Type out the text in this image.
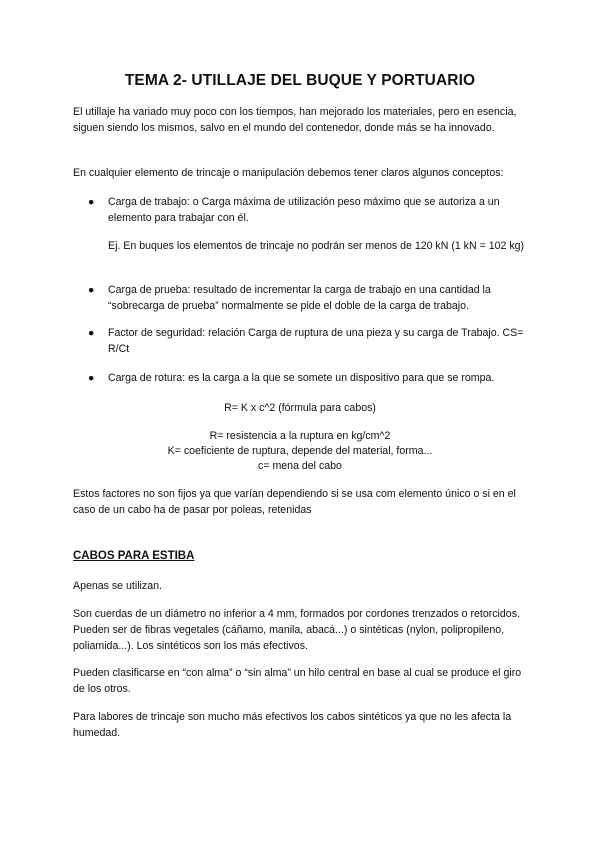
TEMA 2- UTILLAJE DEL BUQUE Y PORTUARIO

El utillaje ha variado muy poco con los tiempos, han mejorado los materiales, pero en esencia, siguen siendo los mismos, salvo en el mundo del contenedor, donde más se ha innovado.

En cualquier elemento de trincaje o manipulación debemos tener claros algunos conceptos:

● Carga de trabajo: o Carga máxima de utilización peso máximo que se autoriza a un elemento para trabajar con él.

Ej. En buques los elementos de trincaje no podrán ser menos de 120 kN (1 kN = 102 kg)

● Carga de prueba: resultado de incrementar la carga de trabajo en una cantidad la “sobrecarga de prueba” normalmente se pide el doble de la carga de trabajo.

● Factor de seguridad: relación Carga de ruptura de una pieza y su carga de Trabajo. CS= R/Ct

● Carga de rotura: es la carga a la que se somete un dispositivo para que se rompa.

R= K x c^2 (fórmula para cabos)

R= resistencia a la ruptura en kg/cm^2

K= coeficiente de ruptura, depende del material, forma...

c= mena del cabo

Estos factores no son fijos ya que varían dependiendo si se usa com elemento único o si en el caso de un cabo ha de pasar por poleas, retenidas

CABOS PARA ESTIBA

Apenas se utilizan.

Son cuerdas de un diámetro no inferior a 4 mm, formados por cordones trenzados o retorcidos. Pueden ser de fibras vegetales (cáñamo, manila, abacá...) o sintéticas (nylon, polipropileno, poliamida...). Los sintéticos son los más efectivos.

Pueden clasificarse en “con alma” o “sin alma” un hilo central en base al cual se produce el giro de los otros.

Para labores de trincaje son mucho más efectivos los cabos sintéticos ya que no les afecta la humedad.
